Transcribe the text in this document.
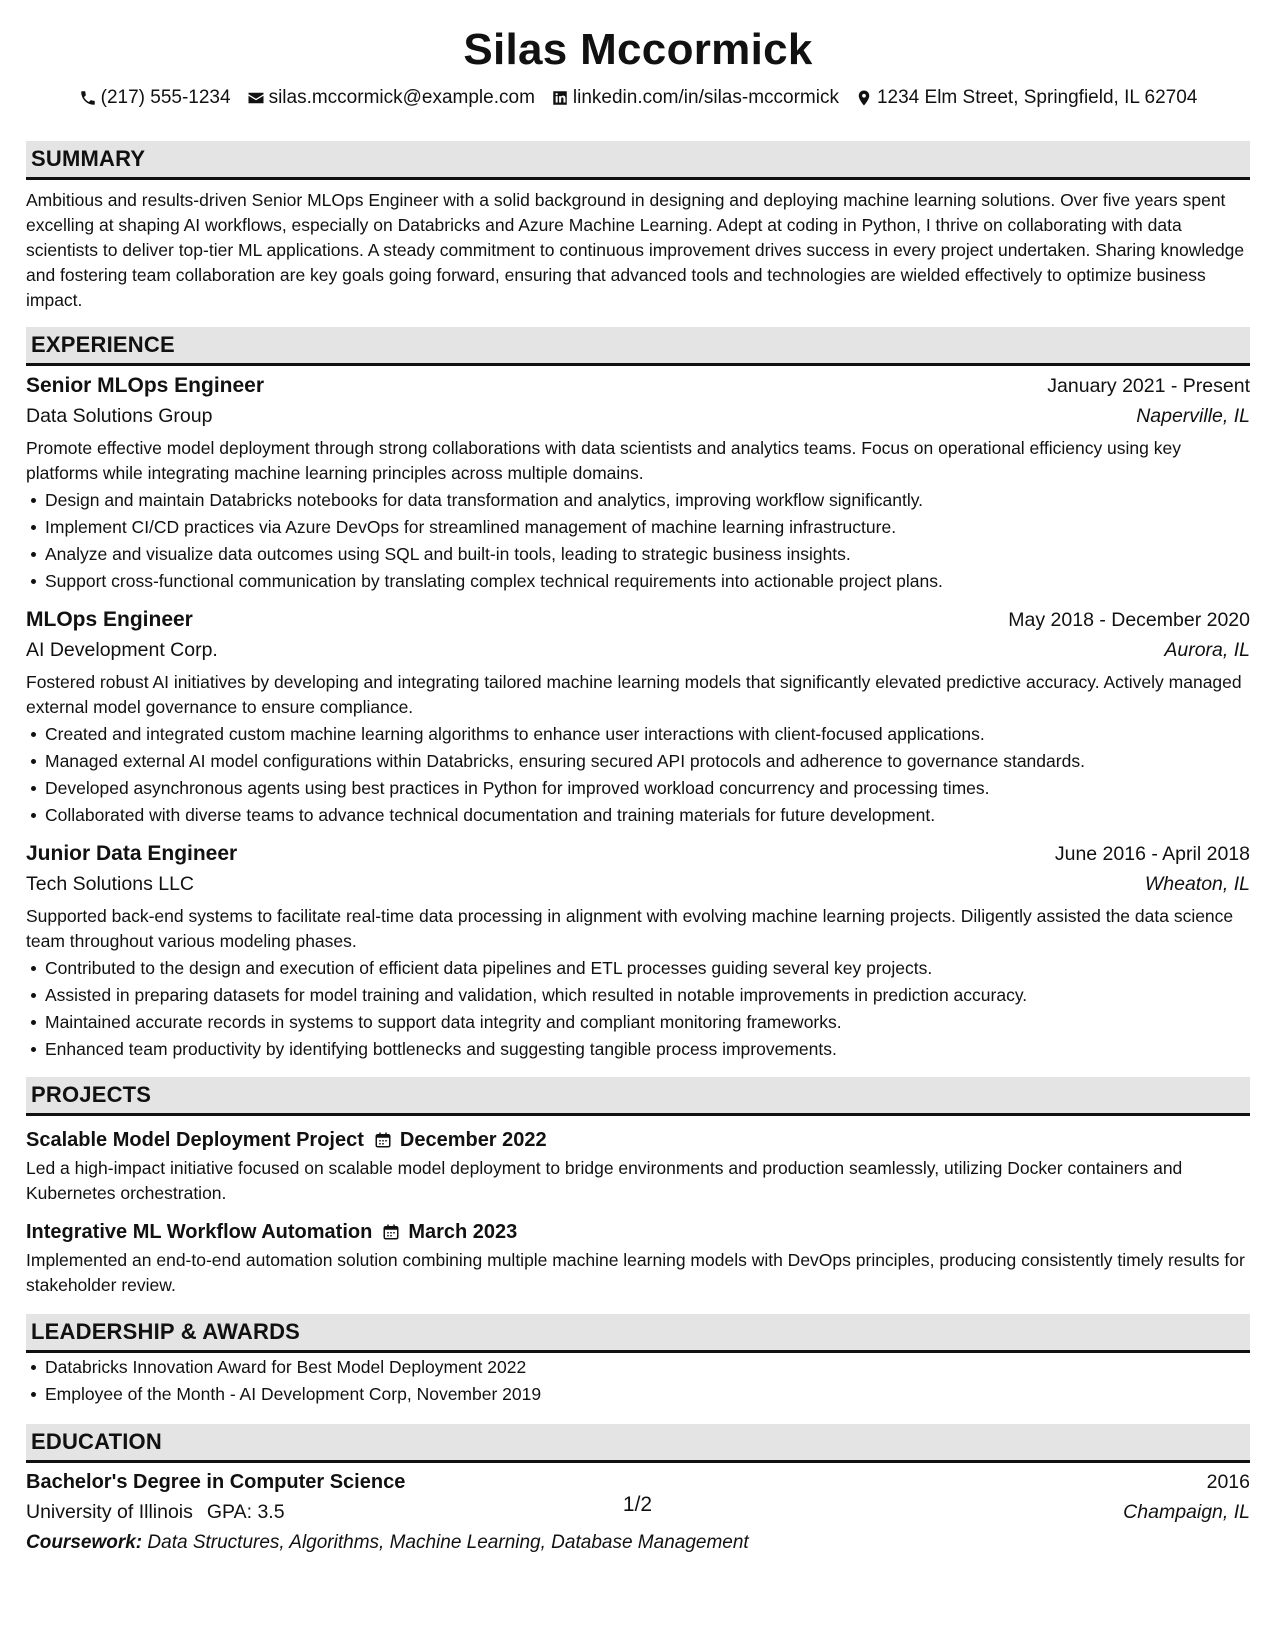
Silas Mccormick
(217) 555-1234 silas.mccormick@example.com linkedin.com/in/silas-mccormick 1234 Elm Street, Springfield, IL 62704
SUMMARY

Ambitious and results-driven Senior MLOps Engineer with a solid background in designing and deploying machine learning solutions. Over five years spent excelling at shaping AI workflows, especially on Databricks and Azure Machine Learning. Adept at coding in Python, I thrive on collaborating with data scientists to deliver top-tier ML applications. A steady commitment to continuous improvement drives success in every project undertaken. Sharing knowledge and fostering team collaboration are key goals going forward, ensuring that advanced tools and technologies are wielded effectively to optimize business impact.

EXPERIENCE
Senior MLOps Engineer	January 2021 - Present
Data Solutions Group	Naperville, IL

Promote effective model deployment through strong collaborations with data scientists and analytics teams. Focus on operational efficiency using key platforms while integrating machine learning principles across multiple domains.

Design and maintain Databricks notebooks for data transformation and analytics, improving workflow significantly.
Implement CI/CD practices via Azure DevOps for streamlined management of machine learning infrastructure.
Analyze and visualize data outcomes using SQL and built-in tools, leading to strategic business insights.
Support cross-functional communication by translating complex technical requirements into actionable project plans.
MLOps Engineer	May 2018 - December 2020
AI Development Corp.	Aurora, IL

Fostered robust AI initiatives by developing and integrating tailored machine learning models that significantly elevated predictive accuracy. Actively managed external model governance to ensure compliance.

Created and integrated custom machine learning algorithms to enhance user interactions with client-focused applications.
Managed external AI model configurations within Databricks, ensuring secured API protocols and adherence to governance standards.
Developed asynchronous agents using best practices in Python for improved workload concurrency and processing times.
Collaborated with diverse teams to advance technical documentation and training materials for future development.
Junior Data Engineer	June 2016 - April 2018
Tech Solutions LLC	Wheaton, IL

Supported back-end systems to facilitate real-time data processing in alignment with evolving machine learning projects. Diligently assisted the data science team throughout various modeling phases.

Contributed to the design and execution of efficient data pipelines and ETL processes guiding several key projects.
Assisted in preparing datasets for model training and validation, which resulted in notable improvements in prediction accuracy.
Maintained accurate records in systems to support data integrity and compliant monitoring frameworks.
Enhanced team productivity by identifying bottlenecks and suggesting tangible process improvements.
PROJECTS
Scalable Model Deployment Project December 2022

Led a high-impact initiative focused on scalable model deployment to bridge environments and production seamlessly, utilizing Docker containers and Kubernetes orchestration.

Integrative ML Workflow Automation March 2023

Implemented an end-to-end automation solution combining multiple machine learning models with DevOps principles, producing consistently timely results for stakeholder review.

LEADERSHIP & AWARDS
Databricks Innovation Award for Best Model Deployment 2022
Employee of the Month - AI Development Corp, November 2019
EDUCATION
Bachelor's Degree in Computer Science	2016
University of Illinois GPA: 3.5	Champaign, IL
Coursework: Data Structures, Algorithms, Machine Learning, Database Management
1/2
